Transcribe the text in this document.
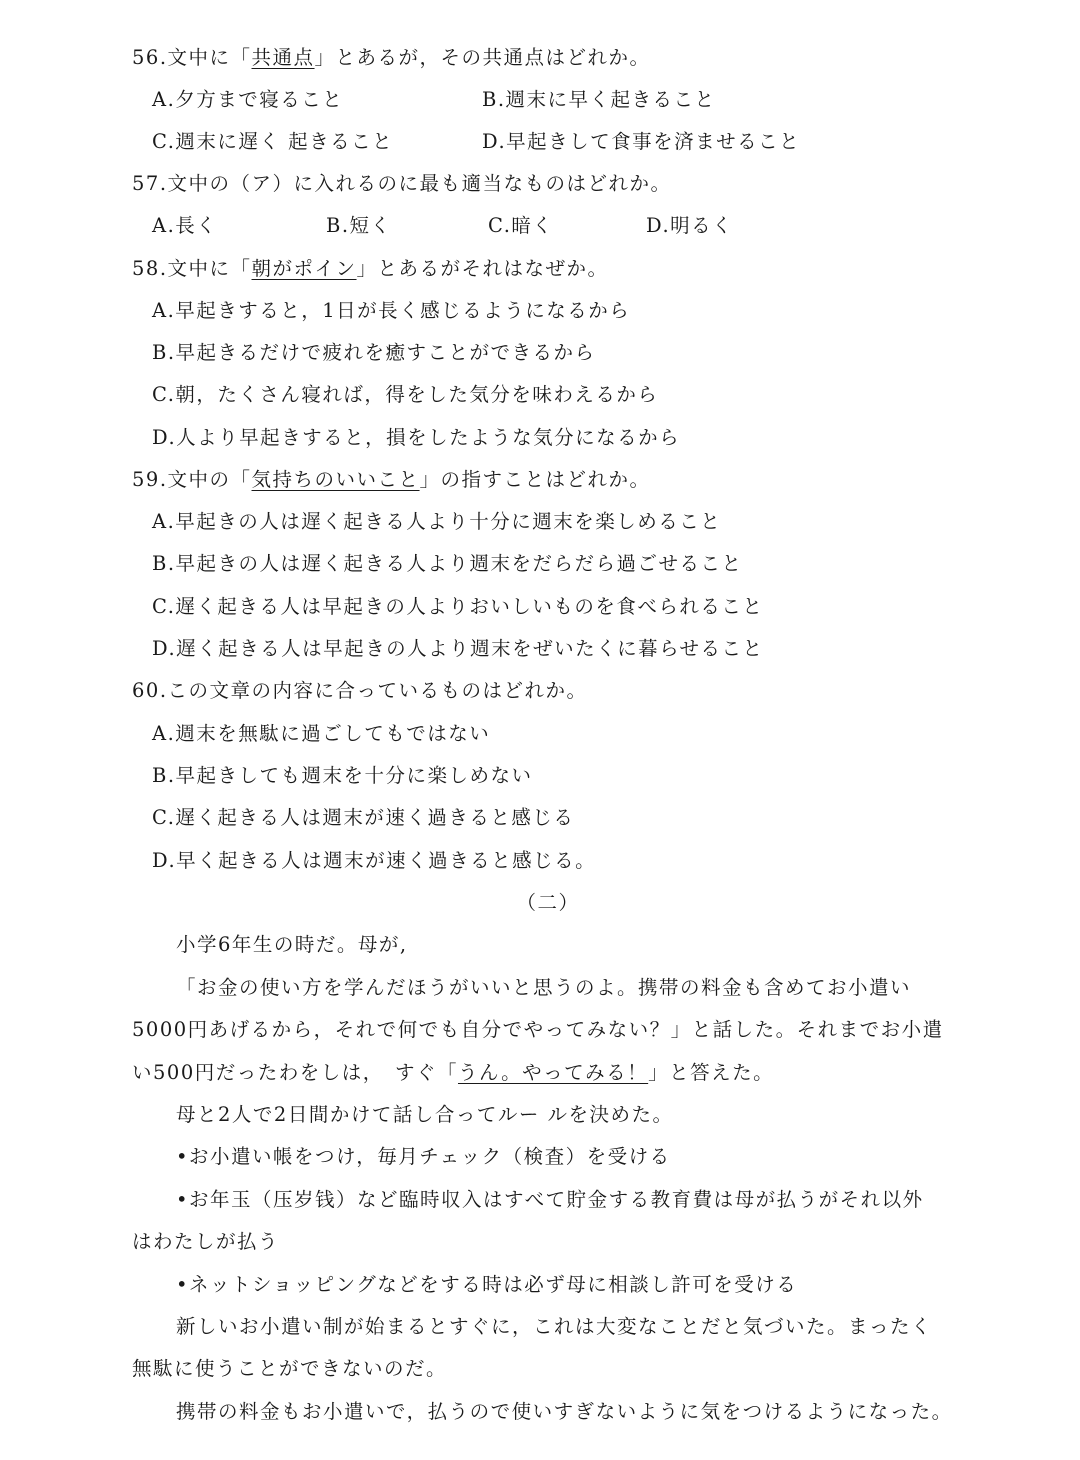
56.文中に「共通点」とあるが，その共通点はどれか。
A.夕方まで寝ること	B.週末に早く起きること
C.週末に遅く 起きること	D.早起きして食事を済ませること
57.文中の（ア）に入れるのに最も適当なものはどれか。
A.長く	B.短く	C.暗く	D.明るく
58.文中に「朝がポイン」とあるがそれはなぜか。
A.早起きすると，1日が長く感じるようになるから
B.早起きるだけで疲れを癒すことができるから
C.朝，たくさん寝れば，得をした気分を味わえるから
D.人より早起きすると，損をしたような気分になるから
59.文中の「気持ちのいいこと」の指すことはどれか。
A.早起きの人は遅く起きる人より十分に週末を楽しめること
B.早起きの人は遅く起きる人より週末をだらだら過ごせること
C.遅く起きる人は早起きの人よりおいしいものを食べられること
D.遅く起きる人は早起きの人より週末をぜいたくに暮らせること
60.この文章の内容に合っているものはどれか。
A.週末を無駄に過ごしてもではない
B.早起きしても週末を十分に楽しめない
C.遅く起きる人は週末が速く過きると感じる
D.早く起きる人は週末が速く過きると感じる。
（二）
小学6年生の時だ。母が,
「お金の使い方を学んだほうがいいと思うのよ。携帯の料金も含めてお小遣い
5000円あげるから，それで何でも自分でやってみない？」と話した。それまでお小遣
い500円だったわをしは，　すぐ「うん。やってみる！」と答えた。
母と2人で2日間かけて話し合ってルー ルを決めた。
•お小遣い帳をつけ，毎月チェック（検査）を受ける
•お年玉（压岁钱）など臨時収入はすべて貯金する教育費は母が払うがそれ以外
はわたしが払う
•ネットショッピングなどをする時は必ず母に相談し許可を受ける
新しいお小遣い制が始まるとすぐに，これは大変なことだと気づいた。まったく
無駄に使うことができないのだ。
携帯の料金もお小遣いで，払うので使いすぎないように気をつけるようになった。
